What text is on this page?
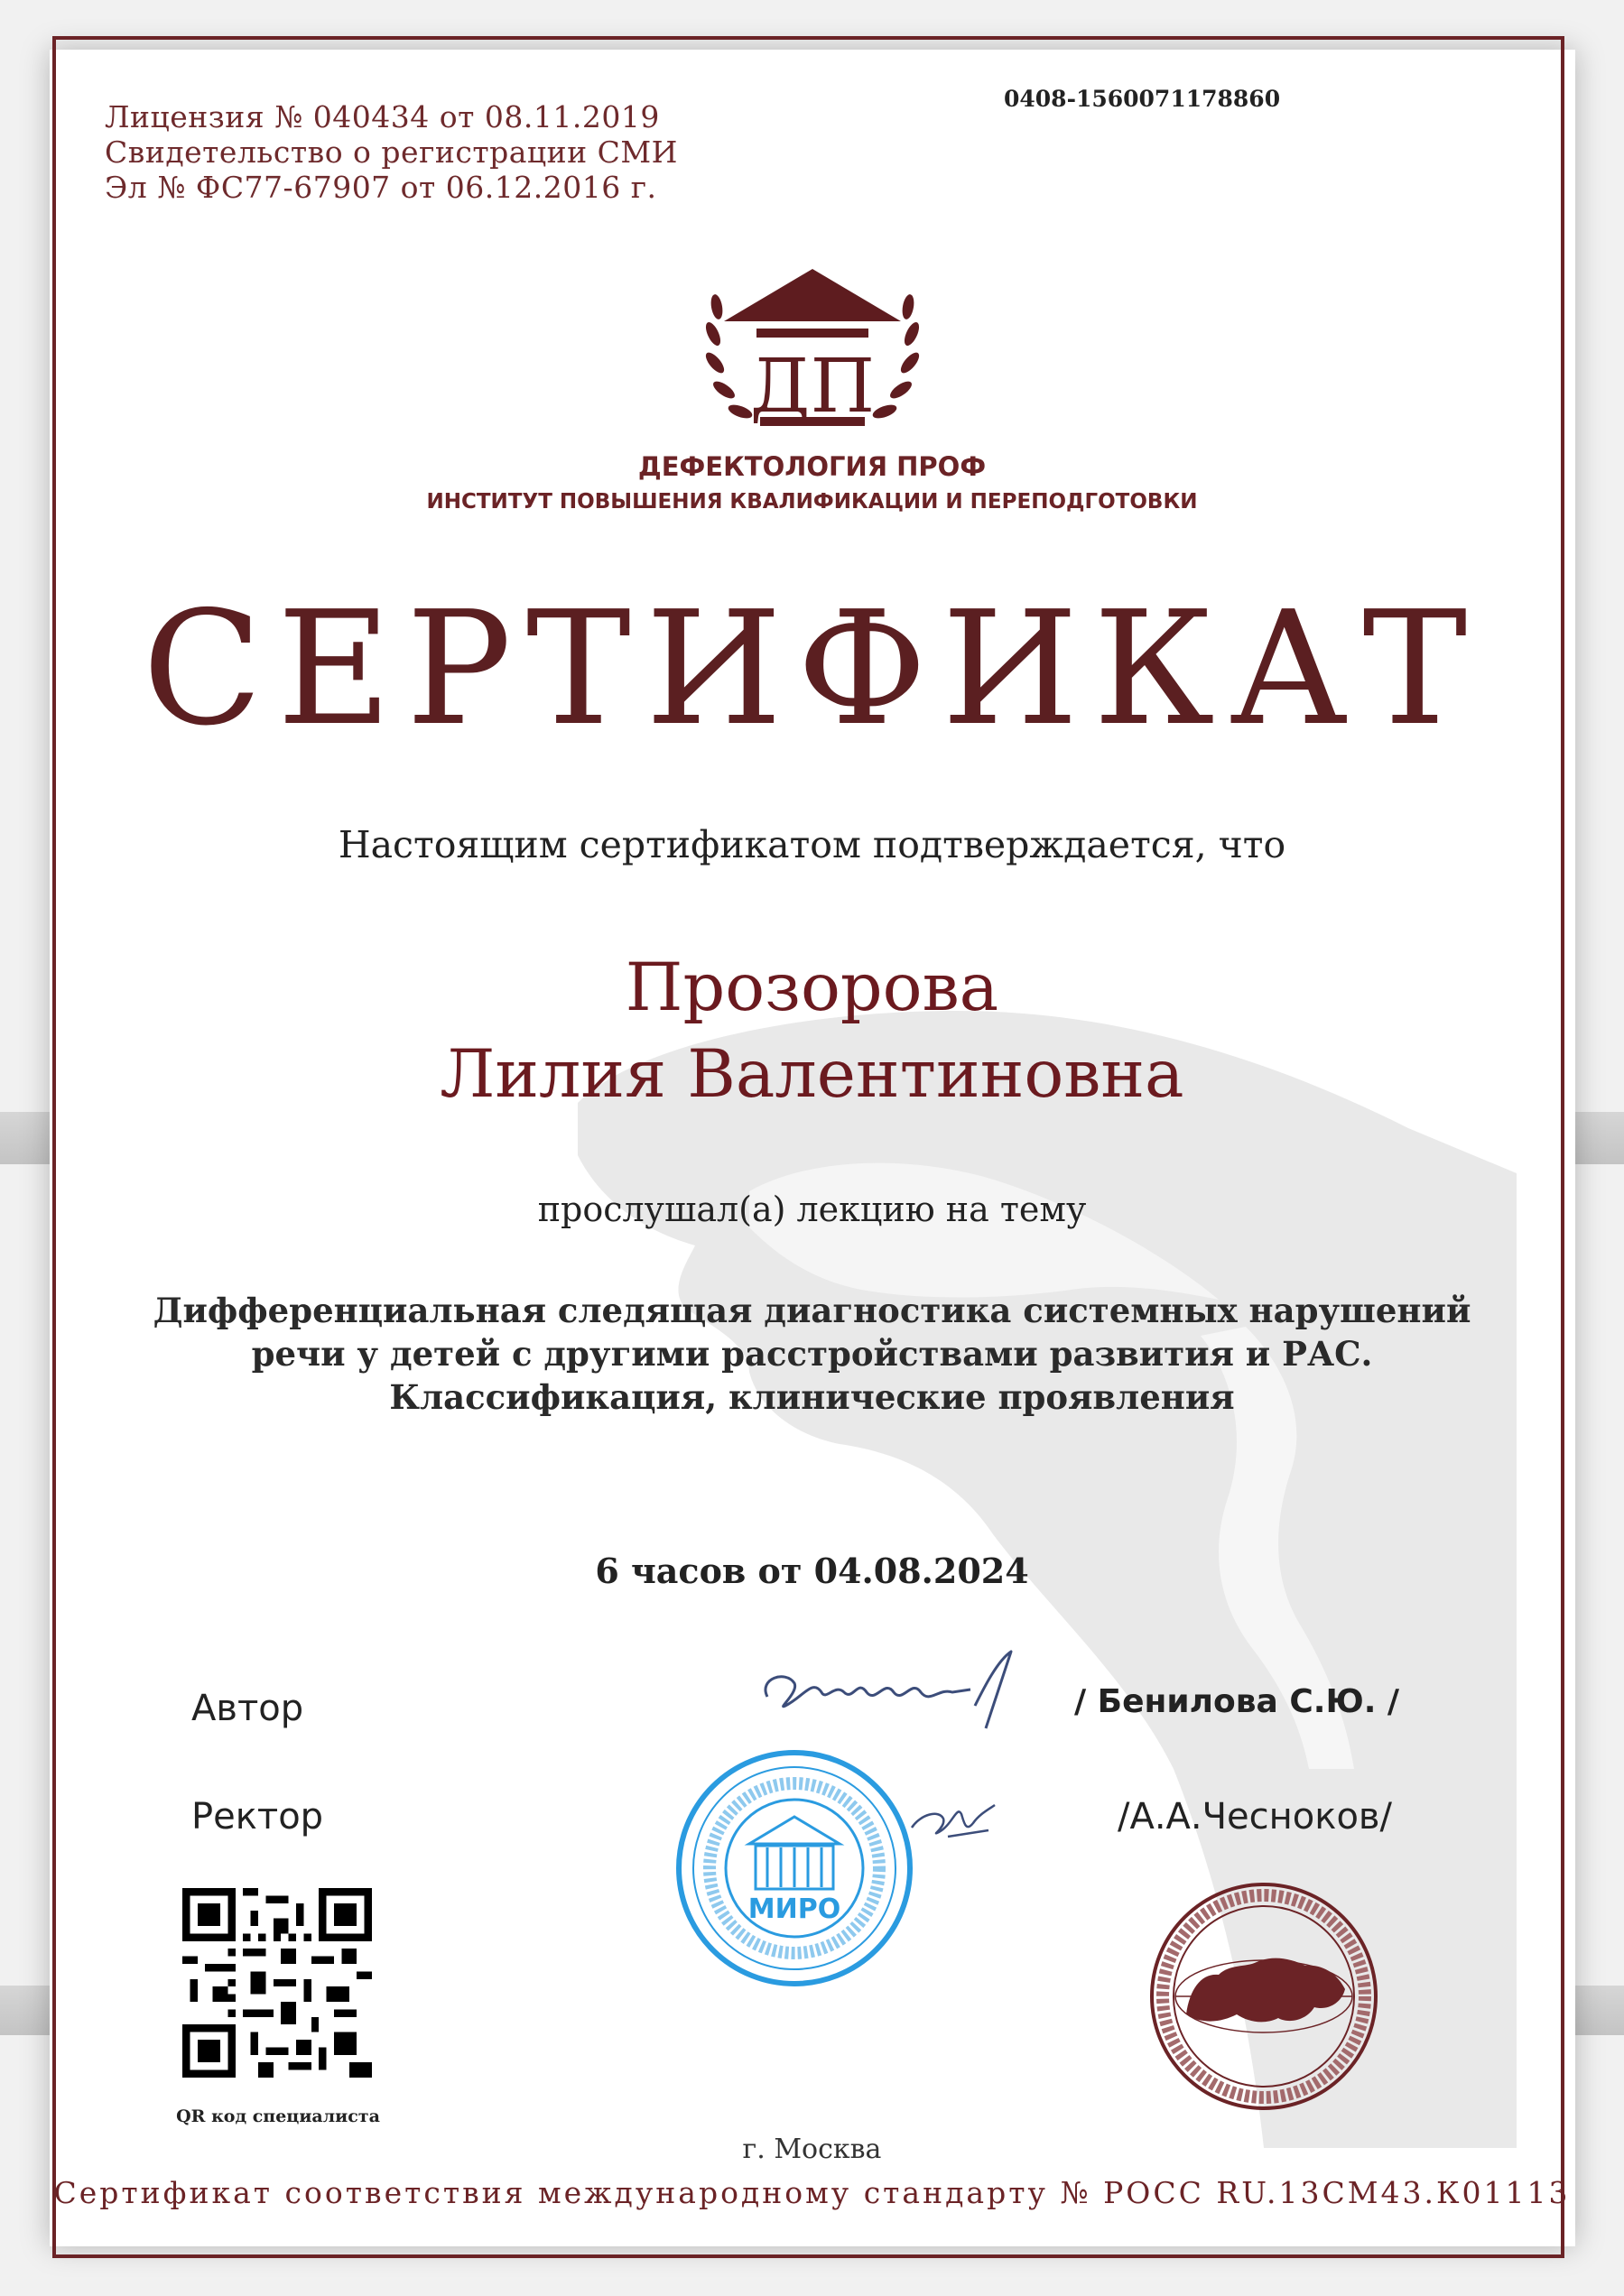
Лицензия № 040434 от 08.11.2019
Свидетельство о регистрации СМИ
Эл № ФС77-67907 от 06.12.2016 г.
0408-1560071178860
ДП
ДЕФЕКТОЛОГИЯ ПРОФ
ИНСТИТУТ ПОВЫШЕНИЯ КВАЛИФИКАЦИИ И ПЕРЕПОДГОТОВКИ
СЕРТИФИКАТ
Настоящим сертификатом подтверждается, что
Прозорова
Лилия Валентиновна
прослушал(а) лекцию на тему
Дифференциальная следящая диагностика системных нарушений
речи у детей с другими расстройствами развития и РАС.
Классификация, клинические проявления
6 часов от 04.08.2024
Автор	/ Бенилова С.Ю. /
Ректор	/А.А.Чесноков/
МИРО
QR код специалиста
г. Москва
Сертификат соответствия международному стандарту № РОСС RU.13СМ43.К01113
